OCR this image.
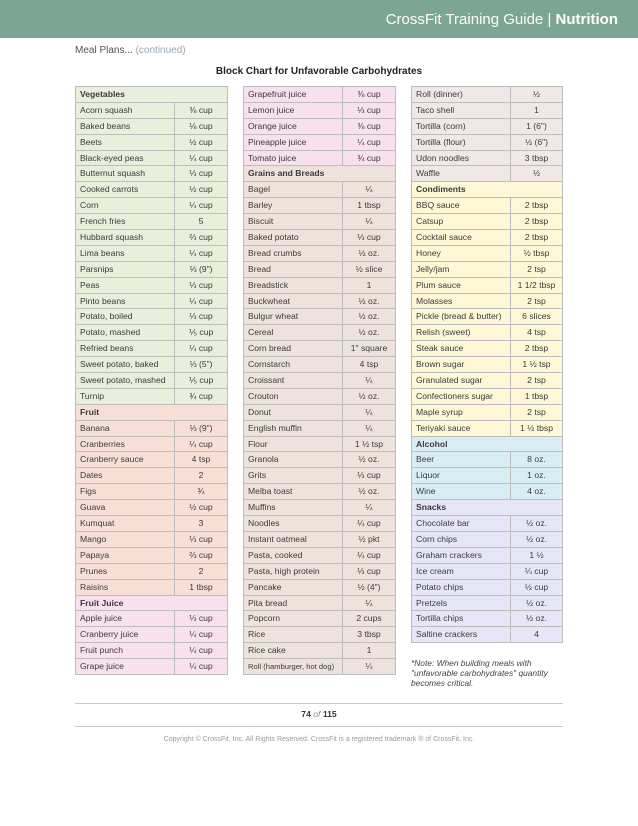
CrossFit Training Guide | Nutrition
Meal Plans... (continued)
Block Chart for Unfavorable Carbohydrates
Vegetables
Acorn squash	⅜ cup
Baked beans	⅛ cup
Beets	½ cup
Black-eyed peas	¼ cup
Butternut squash	⅓ cup
Cooked carrots	½ cup
Corn	¼ cup
French fries	5
Hubbard squash	⅔ cup
Lima beans	¼ cup
Parsnips	⅓ (9")
Peas	⅓ cup
Pinto beans	¼ cup
Potato, boiled	⅓ cup
Potato, mashed	⅕ cup
Refried beans	¼ cup
Sweet potato, baked	⅓ (5")
Sweet potato, mashed	⅕ cup
Turnip	¾ cup
Fruit
Banana	⅓ (9")
Cranberries	¼ cup
Cranberry sauce	4 tsp
Dates	2
Figs	¾
Guava	½ cup
Kumquat	3
Mango	⅓ cup
Papaya	⅔ cup
Prunes	2
Raisins	1 tbsp
Fruit Juice
Apple juice	⅓ cup
Cranberry juice	¼ cup
Fruit punch	¼ cup
Grape juice	¼ cup
Grapefruit juice	⅜ cup
Lemon juice	⅓ cup
Orange juice	⅜ cup
Pineapple juice	¼ cup
Tomato juice	¾ cup
Grains and Breads
Bagel	¼
Barley	1 tbsp
Biscuit	¼
Baked potato	⅓ cup
Bread crumbs	½ oz.
Bread	½ slice
Breadstick	1
Buckwheat	½ oz.
Bulgur wheat	½ oz.
Cereal	½ oz.
Corn bread	1" square
Cornstarch	4 tsp
Croissant	¼
Crouton	½ oz.
Donut	¼
English muffin	¼
Flour	1 ½ tsp
Granola	½ oz.
Grits	⅓ cup
Melba toast	½ oz.
Muffins	¼
Noodles	¼ cup
Instant oatmeal	½ pkt
Pasta, cooked	¼ cup
Pasta, high protein	⅓ cup
Pancake	½ (4")
Pita bread	¼
Popcorn	2 cups
Rice	3 tbsp
Rice cake	1
Roll (hamburger, hot dog)	¼
Roll (dinner)	½
Taco shell	1
Tortilla (corn)	1 (6")
Tortilla (flour)	½ (6")
Udon noodles	3 tbsp
Waffle	½
Condiments
BBQ sauce	2 tbsp
Catsup	2 tbsp
Cocktail sauce	2 tbsp
Honey	½ tbsp
Jelly/jam	2 tsp
Plum sauce	1 1/2 tbsp
Molasses	2 tsp
Pickle (bread & butter)	6 slices
Relish (sweet)	4 tsp
Steak sauce	2 tbsp
Brown sugar	1 ½ tsp
Granulated sugar	2 tsp
Confectioners sugar	1 tbsp
Maple syrup	2 tsp
Teriyaki sauce	1 ½ tbsp
Alcohol
Beer	8 oz.
Liquor	1 oz.
Wine	4 oz.
Snacks
Chocolate bar	½ oz.
Corn chips	½ oz.
Graham crackers	1 ½
Ice cream	¼ cup
Potato chips	½ cup
Pretzels	½ oz.
Tortilla chips	½ oz.
Saltine crackers	4
*Note: When building meals with "unfavorable carbohydrates" quantity becomes critical.
74 of 115
Copyright © CrossFit, Inc. All Rights Reserved. CrossFit is a registered trademark ® of CrossFit, Inc.
